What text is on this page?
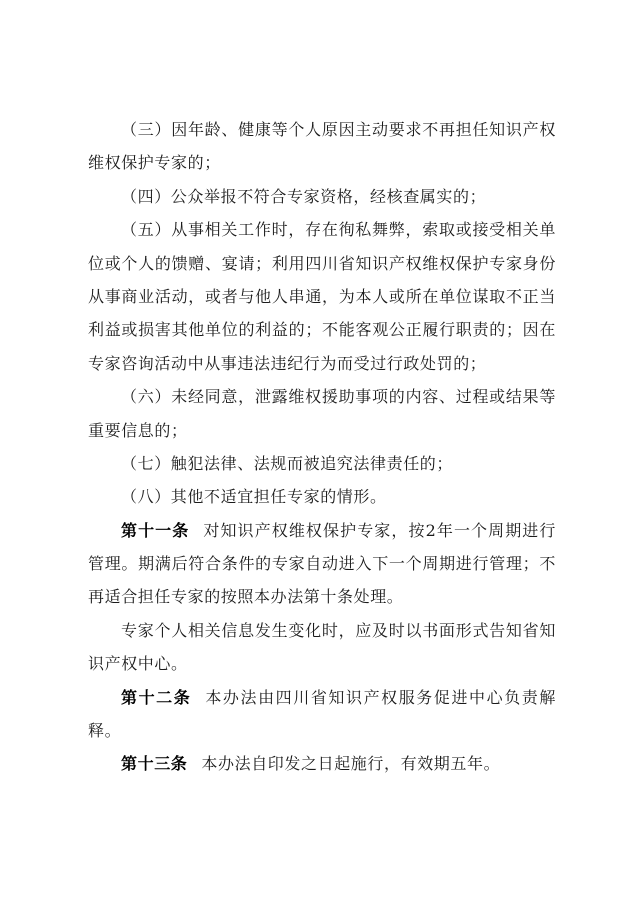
（三）因年龄、健康等个人原因主动要求不再担任知识产权
维权保护专家的；
（四）公众举报不符合专家资格，经核查属实的；
（五）从事相关工作时，存在徇私舞弊，索取或接受相关单
位或个人的馈赠、宴请；利用四川省知识产权维权保护专家身份
从事商业活动，或者与他人串通，为本人或所在单位谋取不正当
利益或损害其他单位的利益的；不能客观公正履行职责的；因在
专家咨询活动中从事违法违纪行为而受过行政处罚的；
（六）未经同意，泄露维权援助事项的内容、过程或结果等
重要信息的；
（七）触犯法律、法规而被追究法律责任的；
（八）其他不适宜担任专家的情形。
第十一条 对知识产权维权保护专家，按2年一个周期进行
管理。期满后符合条件的专家自动进入下一个周期进行管理；不
再适合担任专家的按照本办法第十条处理。
专家个人相关信息发生变化时，应及时以书面形式告知省知
识产权中心。
第十二条 本办法由四川省知识产权服务促进中心负责解
释。
第十三条 本办法自印发之日起施行，有效期五年。
